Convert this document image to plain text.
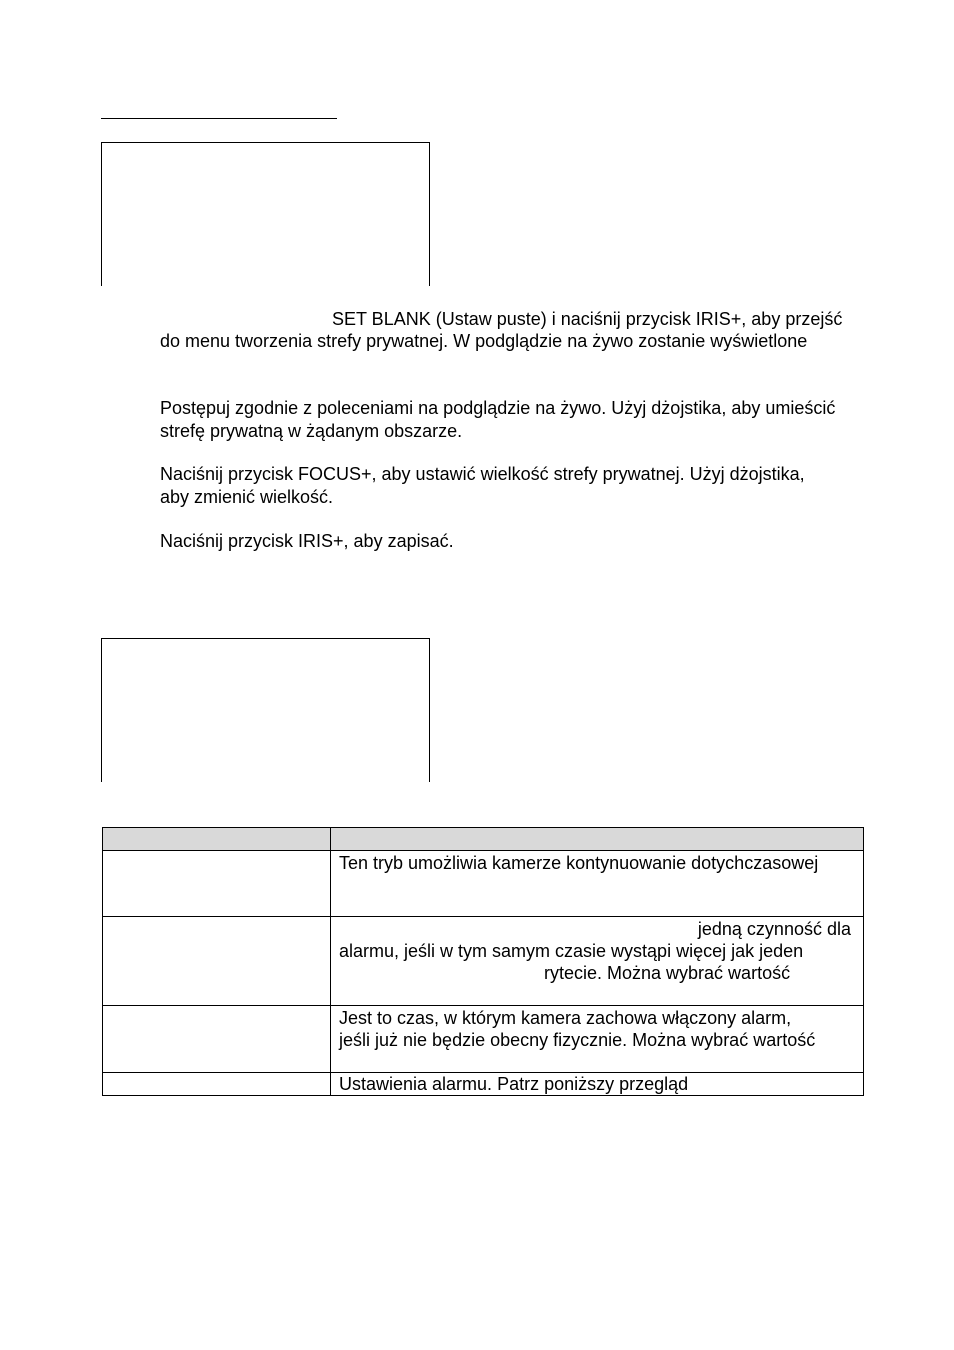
SET BLANK (Ustaw puste) i naciśnij przycisk IRIS+, aby przejść
do menu tworzenia strefy prywatnej. W podglądzie na żywo zostanie wyświetlone
Postępuj zgodnie z poleceniami na podglądzie na żywo. Użyj dżojstika, aby umieścić
strefę prywatną w żądanym obszarze.
Naciśnij przycisk FOCUS+, aby ustawić wielkość strefy prywatnej. Użyj dżojstika,
aby zmienić wielkość.
Naciśnij przycisk IRIS+, aby zapisać.

	Ten tryb umożliwia kamerze kontynuowanie dotychczasowej

	jedną czynność dla
alarmu, jeśli w tym samym czasie wystąpi więcej jak jeden
rytecie. Można wybrać wartość

	Jest to czas, w którym kamera zachowa włączony alarm,
jeśli już nie będzie obecny fizycznie. Można wybrać wartość

	Ustawienia alarmu. Patrz poniższy przegląd
